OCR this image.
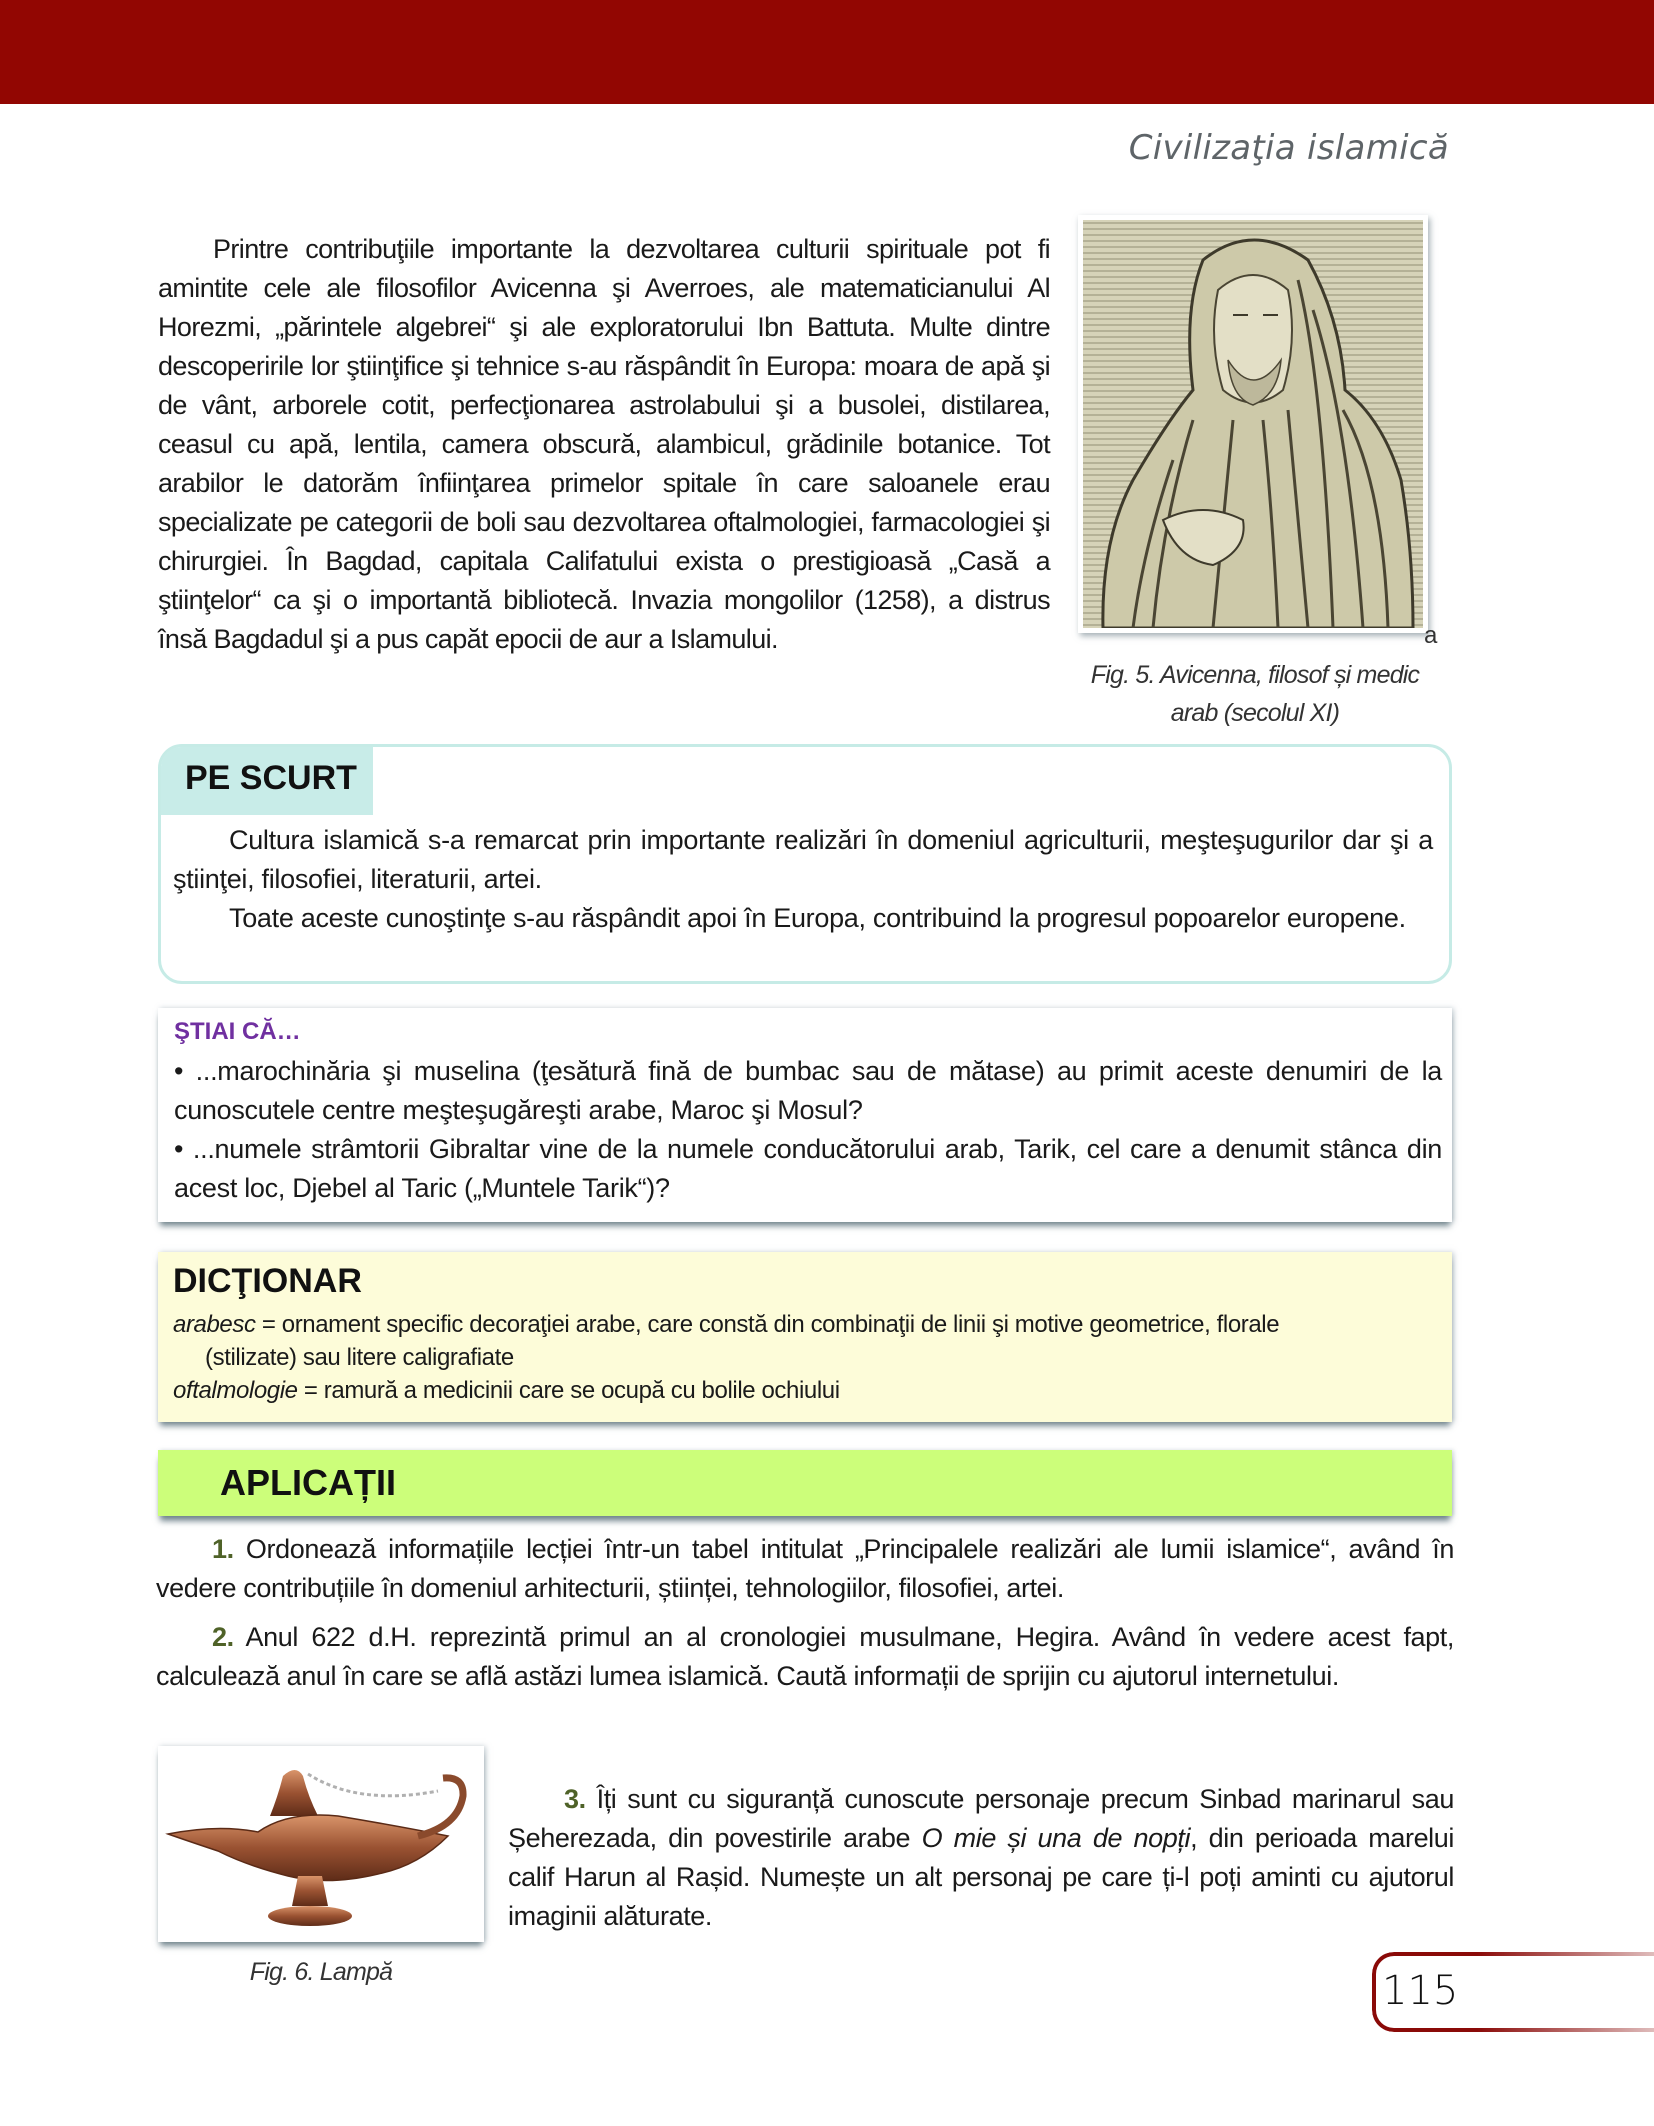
Civilizaţia islamică

Printre contribuţiile importante la dezvoltarea culturii spirituale pot fi amintite cele ale filosofilor Avicenna şi Averroes, ale matematicianului Al Horezmi, „părintele algebrei“ şi ale exploratorului Ibn Battuta. Multe dintre descoperirile lor ştiinţifice şi tehnice s-au răspândit în Europa: moara de apă şi de vânt, arborele cotit, perfecţionarea astrolabului şi a busolei, distilarea, ceasul cu apă, lentila, camera obscură, alambicul, grădinile botanice. Tot arabilor le datorăm înfiinţarea primelor spitale în care saloanele erau specializate pe categorii de boli sau dezvoltarea oftalmologiei, farmacologiei şi chirurgiei. În Bagdad, capitala Califatului exista o prestigioasă „Casă a ştiinţelor“ ca şi o importantă bibliotecă. Invazia mongolilor (1258), a distrus însă Bagdadul şi a pus capăt epocii de aur a Islamului.	a
Fig. 5. Avicenna, filosof și medic
arab (secolul XI)
PE SCURT

Cultura islamică s-a remarcat prin importante realizări în domeniul agriculturii, meşteşugurilor dar şi a ştiinţei, filosofiei, literaturii, artei.

Toate aceste cunoştinţe s-au răspândit apoi în Europa, contribuind la progresul popoarelor europene.

ŞTIAI CĂ…

• ...marochinăria şi muselina (ţesătură fină de bumbac sau de mătase) au primit aceste denumiri de la cunoscutele centre meşteşugăreşti arabe, Maroc şi Mosul?

• ...numele strâmtorii Gibraltar vine de la numele conducătorului arab, Tarik, cel care a denumit stânca din acest loc, Djebel al Taric („Muntele Tarik“)?

DICŢIONAR

arabesc = ornament specific decoraţiei arabe, care constă din combinaţii de linii şi motive geometrice, florale

(stilizate) sau litere caligrafiate

oftalmologie = ramură a medicinii care se ocupă cu bolile ochiului

APLICAȚII

1. Ordonează informațiile lecției într-un tabel intitulat „Principalele realizări ale lumii islamice“, având în vedere contribuțiile în domeniul arhitecturii, științei, tehnologiilor, filosofiei, artei.

2. Anul 622 d.H. reprezintă primul an al cronologiei musulmane, Hegira. Având în vedere acest fapt, calculează anul în care se află astăzi lumea islamică. Caută informații de sprijin cu ajutorul internetului.

Fig. 6. Lampă

3. Îți sunt cu siguranță cunoscute personaje precum Sinbad marinarul sau Șeherezada, din povestirile arabe O mie și una de nopți, din perioada marelui calif Harun al Rașid. Numește un alt personaj pe care ți-l poți aminti cu ajutorul imaginii alăturate.

115
